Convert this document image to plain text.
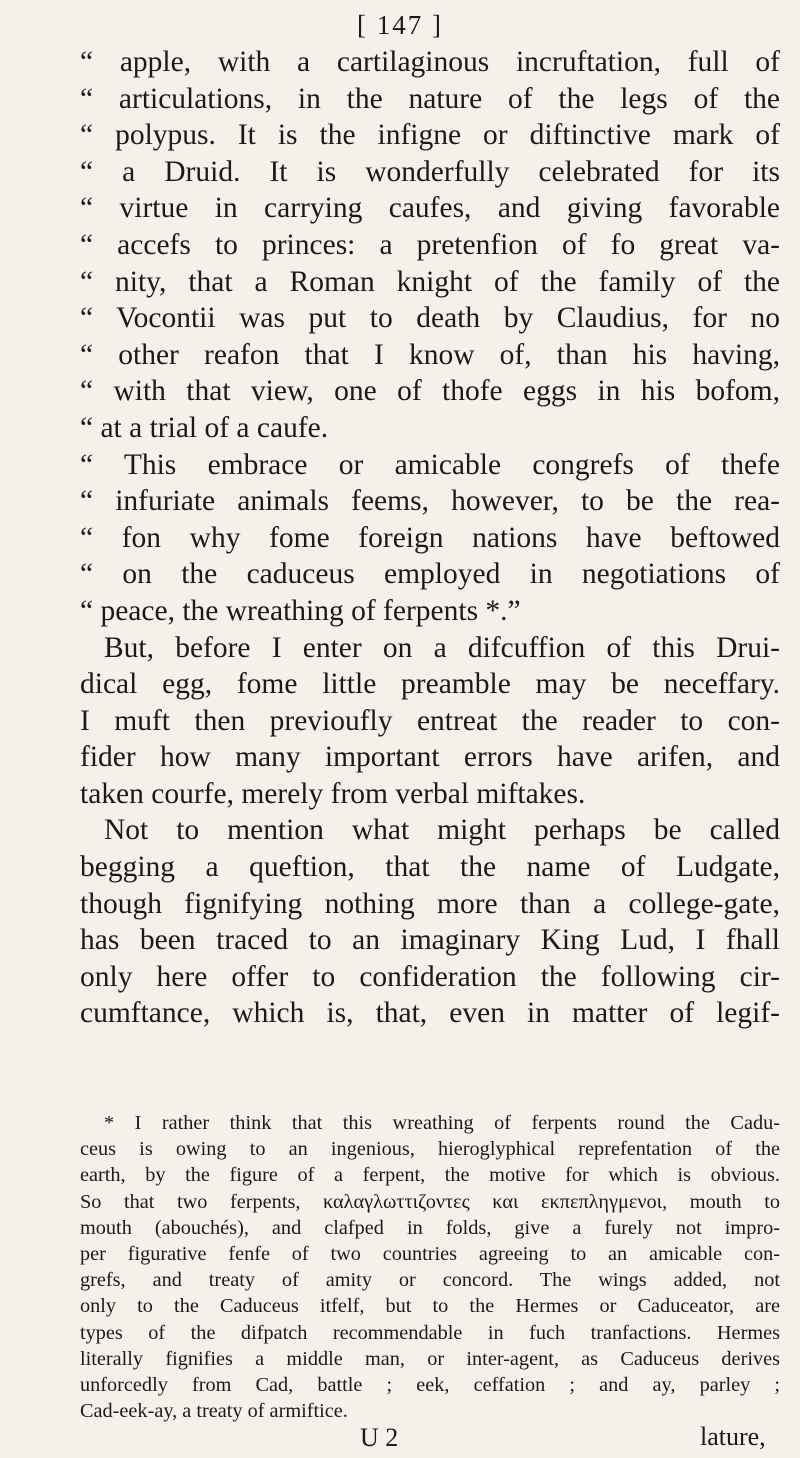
[ 147 ]
“ apple, with a cartilaginous incruftation, full of
“ articulations, in the nature of the legs of the
“ polypus. It is the infigne or diftinctive mark of
“ a Druid. It is wonderfully celebrated for its
“ virtue in carrying caufes, and giving favorable
“ accefs to princes: a pretenfion of fo great va-
“ nity, that a Roman knight of the family of the
“ Vocontii was put to death by Claudius, for no
“ other reafon that I know of, than his having,
“ with that view, one of thofe eggs in his bofom,
“ at a trial of a caufe.
“ This embrace or amicable congrefs of thefe
“ infuriate animals feems, however, to be the rea-
“ fon why fome foreign nations have beftowed
“ on the caduceus employed in negotiations of
“ peace, the wreathing of ferpents *.”
But, before I enter on a difcuffion of this Drui-
dical egg, fome little preamble may be neceffary.
I muft then previoufly entreat the reader to con-
fider how many important errors have arifen, and
taken courfe, merely from verbal miftakes.
Not to mention what might perhaps be called
begging a queftion, that the name of Ludgate,
though fignifying nothing more than a college-gate,
has been traced to an imaginary King Lud, I fhall
only here offer to confideration the following cir-
cumftance, which is, that, even in matter of legif-
* I rather think that this wreathing of ferpents round the Cadu-
ceus is owing to an ingenious, hieroglyphical reprefentation of the
earth, by the figure of a ferpent, the motive for which is obvious.
So that two ferpents, καλαγλωττιζοντες και εκπεπληγμενοι, mouth to
mouth (abouchés), and clafped in folds, give a furely not impro-
per figurative fenfe of two countries agreeing to an amicable con-
grefs, and treaty of amity or concord. The wings added, not
only to the Caduceus itfelf, but to the Hermes or Caduceator, are
types of the difpatch recommendable in fuch tranfactions. Hermes
literally fignifies a middle man, or inter-agent, as Caduceus derives
unforcedly from Cad, battle ; eek, ceffation ; and ay, parley ;
Cad-eek-ay, a treaty of armiftice.
U 2	lature,
